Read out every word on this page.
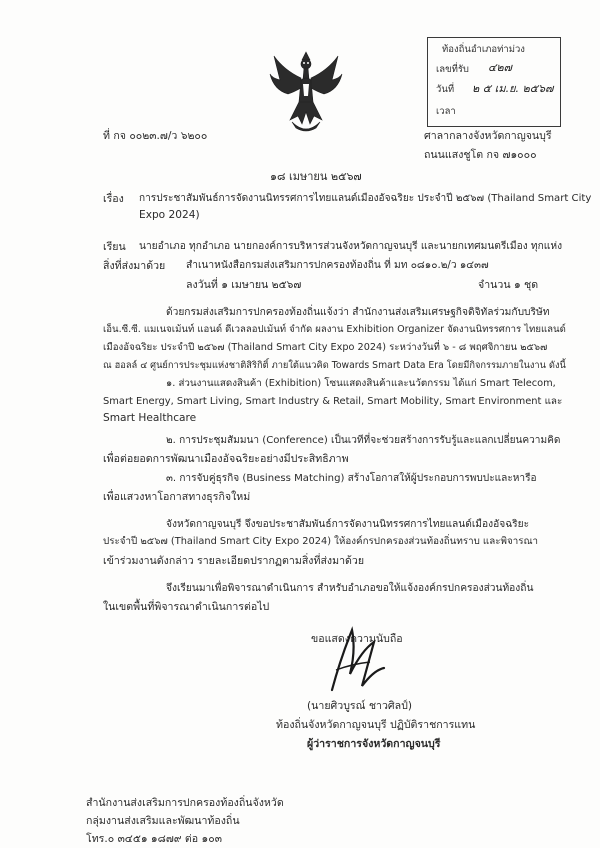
ท้องถิ่นอำเภอท่าม่วง
เลขที่รับ ๔๒๗
วันที่ ๒ ๕ เม.ย. ๒๕๖๗
เวลา
ที่ กจ ๐๐๒๓.๗/ว ๖๒๐๐	ศาลากลางจังหวัดกาญจนบุรี
ถนนแสงชูโต กจ ๗๑๐๐๐
๑๘ เมษายน ๒๕๖๗
เรื่อง การประชาสัมพันธ์การจัดงานนิทรรศการไทยแลนด์เมืองอัจฉริยะ ประจำปี ๒๕๖๗ (Thailand Smart City
Expo 2024)
เรียน นายอำเภอ ทุกอำเภอ นายกองค์การบริหารส่วนจังหวัดกาญจนบุรี และนายกเทศมนตรีเมือง ทุกแห่ง
สิ่งที่ส่งมาด้วย สำเนาหนังสือกรมส่งเสริมการปกครองท้องถิ่น ที่ มท ๐๘๑๐.๒/ว ๑๔๓๗
ลงวันที่ ๑ เมษายน ๒๕๖๗	จำนวน ๑ ชุด
ด้วยกรมส่งเสริมการปกครองท้องถิ่นแจ้งว่า สำนักงานส่งเสริมเศรษฐกิจดิจิทัลร่วมกับบริษัท
เอ็น.ซี.ซี. แมเนจเม้นท์ แอนด์ ดีเวลลอปเม้นท์ จำกัด ผลงาน Exhibition Organizer จัดงานนิทรรศการ ไทยแลนด์
เมืองอัจฉริยะ ประจำปี ๒๕๖๗ (Thailand Smart City Expo 2024) ระหว่างวันที่ ๖ - ๘ พฤศจิกายน ๒๕๖๗
ณ ฮอลล์ ๔ ศูนย์การประชุมแห่งชาติสิริกิติ์ ภายใต้แนวคิด Towards Smart Data Era โดยมีกิจกรรมภายในงาน ดังนี้
๑. ส่วนงานแสดงสินค้า (Exhibition) โซนแสดงสินค้าและนวัตกรรม ได้แก่ Smart Telecom,
Smart Energy, Smart Living, Smart Industry & Retail, Smart Mobility, Smart Environment และ
Smart Healthcare
๒. การประชุมสัมมนา (Conference) เป็นเวทีที่จะช่วยสร้างการรับรู้และแลกเปลี่ยนความคิด
เพื่อต่อยอดการพัฒนาเมืองอัจฉริยะอย่างมีประสิทธิภาพ
๓. การจับคู่ธุรกิจ (Business Matching) สร้างโอกาสให้ผู้ประกอบการพบปะและหารือ
เพื่อแสวงหาโอกาสทางธุรกิจใหม่
จังหวัดกาญจนบุรี จึงขอประชาสัมพันธ์การจัดงานนิทรรศการไทยแลนด์เมืองอัจฉริยะ
ประจำปี ๒๕๖๗ (Thailand Smart City Expo 2024) ให้องค์กรปกครองส่วนท้องถิ่นทราบ และพิจารณา
เข้าร่วมงานดังกล่าว รายละเอียดปรากฏตามสิ่งที่ส่งมาด้วย
จึงเรียนมาเพื่อพิจารณาดำเนินการ สำหรับอำเภอขอให้แจ้งองค์กรปกครองส่วนท้องถิ่น
ในเขตพื้นที่พิจารณาดำเนินการต่อไป
ขอแสดงความนับถือ
(นายศิวบูรณ์ ชาวศิลป์)
ท้องถิ่นจังหวัดกาญจนบุรี ปฏิบัติราชการแทน
ผู้ว่าราชการจังหวัดกาญจนบุรี
สำนักงานส่งเสริมการปกครองท้องถิ่นจังหวัด
กลุ่มงานส่งเสริมและพัฒนาท้องถิ่น
โทร.๐ ๓๔๕๑ ๑๘๗๙ ต่อ ๑๐๓
